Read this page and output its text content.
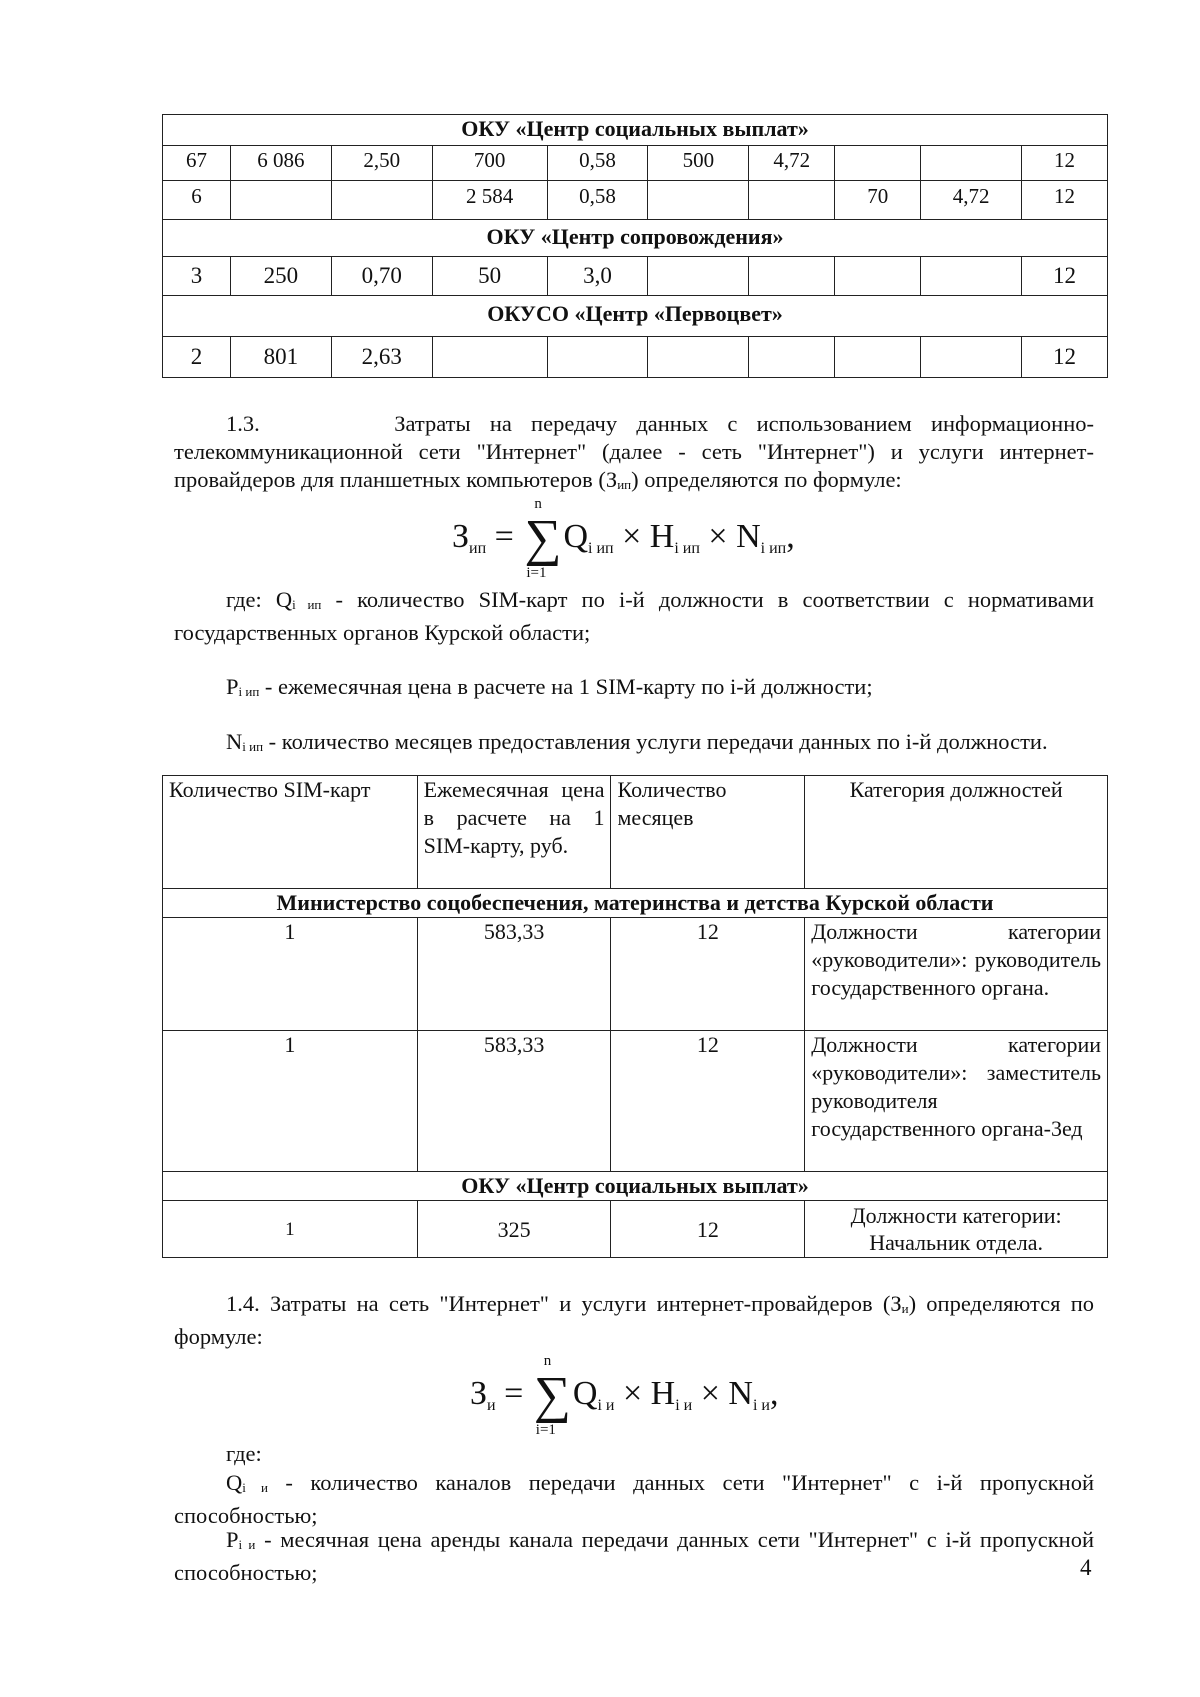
ОКУ «Центр социальных выплат»									
67	6 086	2,50	700	0,58	500	4,72			12
6			2 584	0,58			70	4,72	12
ОКУ «Центр сопровождения»									
3	250	0,70	50	3,0					12
ОКУСО «Центр «Первоцвет»									
2	801	2,63							12
1.3.	Затраты на передачу данных с использованием информационно-телекоммуникационной сети "Интернет" (далее - сеть "Интернет") и услуги интернет-провайдеров для планшетных компьютеров $(З_{ип})$ определяются по формуле:
$З_{ип}$ = ∑
n
i=1
$Q_{i ип} \times Н_{i ип} \times N_{i ип}$,
где: $Q_{i ип}$ - количество SIM-карт по i-й должности в соответствии с нормативами государственных органов Курской области;
$P_{i ип}$ - ежемесячная цена в расчете на 1 SIM-карту по i-й должности;
$N_{i ип}$ - количество месяцев предоставления услуги передачи данных по i-й должности.
Количество SIM-карт	Ежемесячная цена в расчете на 1 SIM-карту, руб.	Количество месяцев	Категория должностей
Министерство соцобеспечения, материнства и детства Курской области			
1	583,33	12	Должности категории «руководители»: руководитель государственного органа.
1	583,33	12	Должности категории «руководители»: заместитель руководителя государственного органа-3ед
ОКУ «Центр социальных выплат»			
1	325	12	Должности категории: Начальник отдела.
1.4. Затраты на сеть "Интернет" и услуги интернет-провайдеров $(З_и)$ определяются по формуле:
$З_и$ = ∑
n
i=1
$Q_{i и} \times Н_{i и} \times N_{i и}$,
где:
$Q_{i и}$ - количество каналов передачи данных сети "Интернет" с i-й пропускной способностью;
$P_{i и}$ - месячная цена аренды канала передачи данных сети "Интернет" с i-й пропускной способностью;	4
